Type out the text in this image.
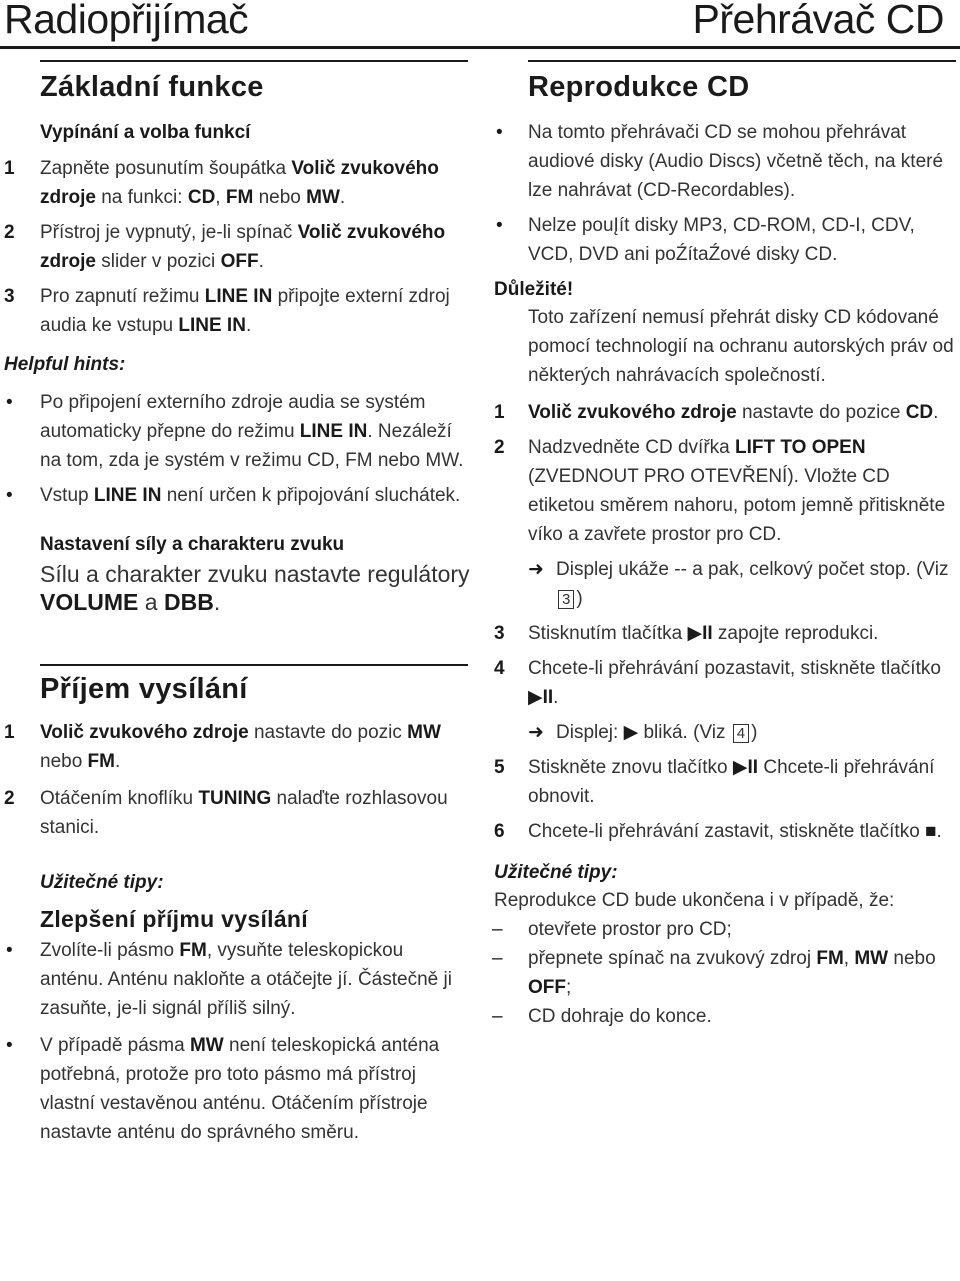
Radiopřijímač	Přehrávač CD
Základní funkce
Vypínání a volba funkcí
1 Zapněte posunutím šoupátka Volič zvukového zdroje na funkci: CD, FM nebo MW.
2 Přístroj je vypnutý, je-li spínač Volič zvukového zdroje slider v pozici OFF.
3 Pro zapnutí režimu LINE IN připojte externí zdroj audia ke vstupu LINE IN.
Helpful hints:
• Po připojení externího zdroje audia se systém automaticky přepne do režimu LINE IN. Nezáleží na tom, zda je systém v režimu CD, FM nebo MW.
• Vstup LINE IN není určen k připojování sluchátek.
Nastavení síly a charakteru zvuku
Sílu a charakter zvuku nastavte regulátory VOLUME a DBB.
Příjem vysílání
1 Volič zvukového zdroje nastavte do pozic MW nebo FM.
2 Otáčením knoflíku TUNING nalaďte rozhlasovou stanici.
Užitečné tipy:
Zlepšení příjmu vysílání
• Zvolíte-li pásmo FM, vysuňte teleskopickou anténu. Anténu nakloňte a otáčejte jí. Částečně ji zasuňte, je-li signál příliš silný.
• V případě pásma MW není teleskopická anténa potřebná, protože pro toto pásmo má přístroj vlastní vestavěnou anténu. Otáčením přístroje nastavte anténu do správného směru.
Reprodukce CD
• Na tomto přehrávači CD se mohou přehrávat audiové disky (Audio Discs) včetně těch, na které lze nahrávat (CD-Recordables).
• Nelze pouĮít disky MP3, CD-ROM, CD-I, CDV, VCD, DVD ani poŹítaŹové disky CD.
Důležité!
Toto zařízení nemusí přehrát disky CD kódované pomocí technologií na ochranu autorských práv od některých nahrávacích společností.
1 Volič zvukového zdroje nastavte do pozice CD.
2 Nadzvedněte CD dvířka LIFT TO OPEN (ZVEDNOUT PRO OTEVŘENÍ). Vložte CD etiketou směrem nahoru, potom jemně přitiskněte víko a zavřete prostor pro CD.
➜ Displej ukáže -- a pak, celkový počet stop. (Viz 3 )
3 Stisknutím tlačítka ▶II zapojte reprodukci.
4 Chcete-li přehrávání pozastavit, stiskněte tlačítko ▶II.
➜ Displej: ▶ bliká. (Viz 4 )
5 Stiskněte znovu tlačítko ▶II Chcete-li přehrávání obnovit.
6 Chcete-li přehrávání zastavit, stiskněte tlačítko ■.
Užitečné tipy:
Reprodukce CD bude ukončena i v případě, že:
– otevřete prostor pro CD;
– přepnete spínač na zvukový zdroj FM, MW nebo OFF;
– CD dohraje do konce.
